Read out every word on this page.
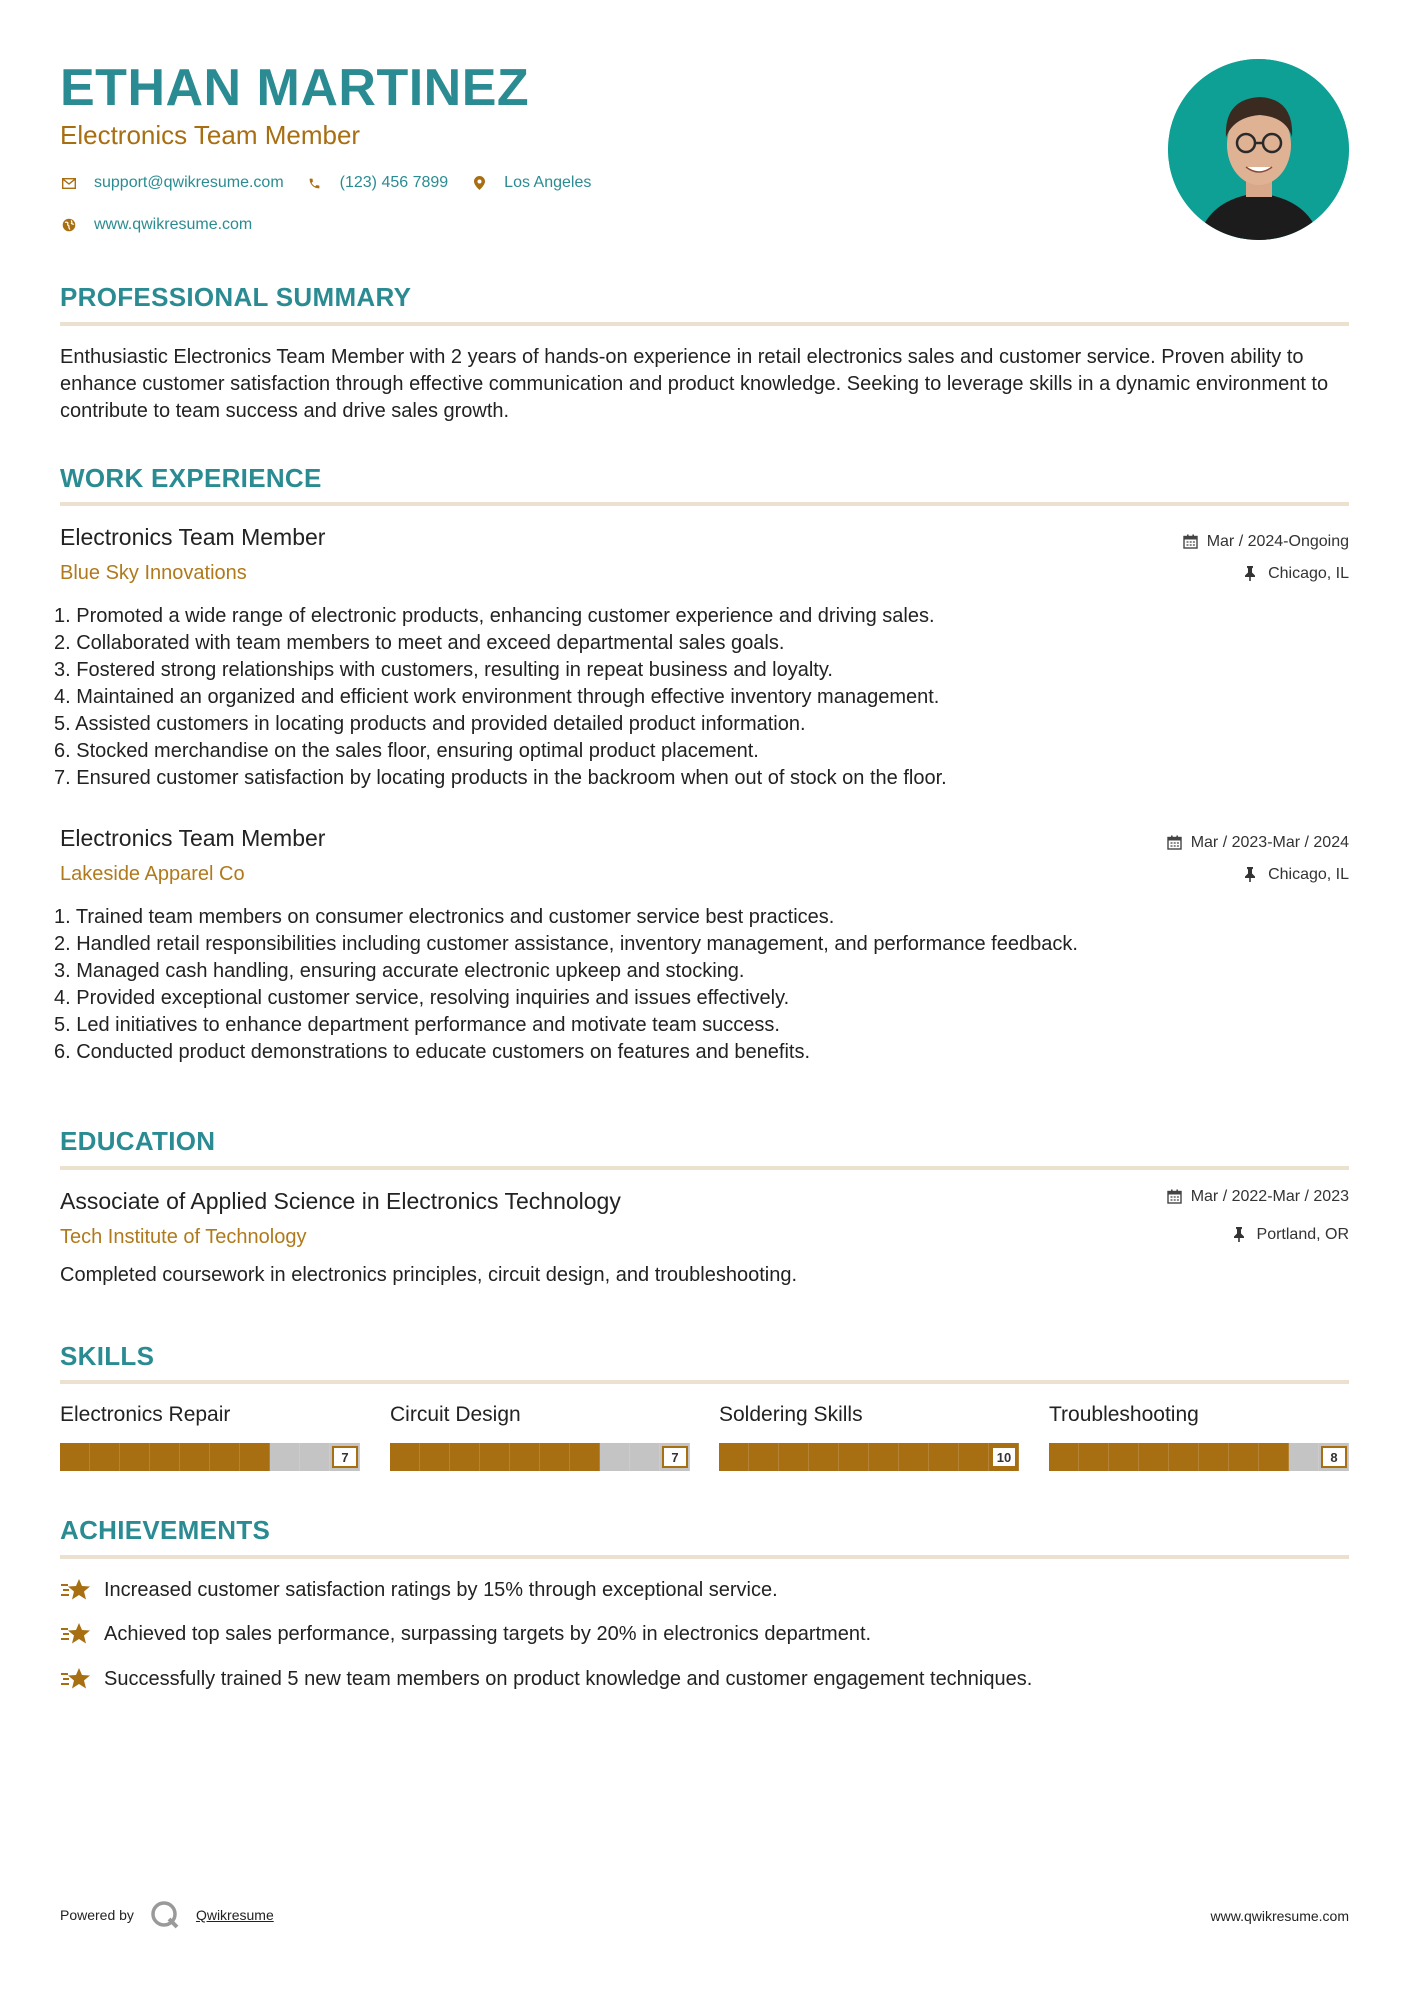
ETHAN MARTINEZ
Electronics Team Member
support@qwikresume.com	(123) 456 7899	Los Angeles
www.qwikresume.com
PROFESSIONAL SUMMARY
Enthusiastic Electronics Team Member with 2 years of hands-on experience in retail electronics sales and customer service. Proven ability to enhance customer satisfaction through effective communication and product knowledge. Seeking to leverage skills in a dynamic environment to contribute to team success and drive sales growth.
WORK EXPERIENCE
Electronics Team Member
Blue Sky Innovations
Mar / 2024-Ongoing
Chicago, IL
1. Promoted a wide range of electronic products, enhancing customer experience and driving sales.
2. Collaborated with team members to meet and exceed departmental sales goals.
3. Fostered strong relationships with customers, resulting in repeat business and loyalty.
4. Maintained an organized and efficient work environment through effective inventory management.
5. Assisted customers in locating products and provided detailed product information.
6. Stocked merchandise on the sales floor, ensuring optimal product placement.
7. Ensured customer satisfaction by locating products in the backroom when out of stock on the floor.
Electronics Team Member
Lakeside Apparel Co
Mar / 2023-Mar / 2024
Chicago, IL
1. Trained team members on consumer electronics and customer service best practices.
2. Handled retail responsibilities including customer assistance, inventory management, and performance feedback.
3. Managed cash handling, ensuring accurate electronic upkeep and stocking.
4. Provided exceptional customer service, resolving inquiries and issues effectively.
5. Led initiatives to enhance department performance and motivate team success.
6. Conducted product demonstrations to educate customers on features and benefits.
EDUCATION
Associate of Applied Science in Electronics Technology
Tech Institute of Technology
Mar / 2022-Mar / 2023
Portland, OR
Completed coursework in electronics principles, circuit design, and troubleshooting.
SKILLS
Electronics Repair
7
Circuit Design
7
Soldering Skills
10
Troubleshooting
8
ACHIEVEMENTS
Increased customer satisfaction ratings by 15% through exceptional service.
Achieved top sales performance, surpassing targets by 20% in electronics department.
Successfully trained 5 new team members on product knowledge and customer engagement techniques.
Powered by	Qwikresume	www.qwikresume.com
